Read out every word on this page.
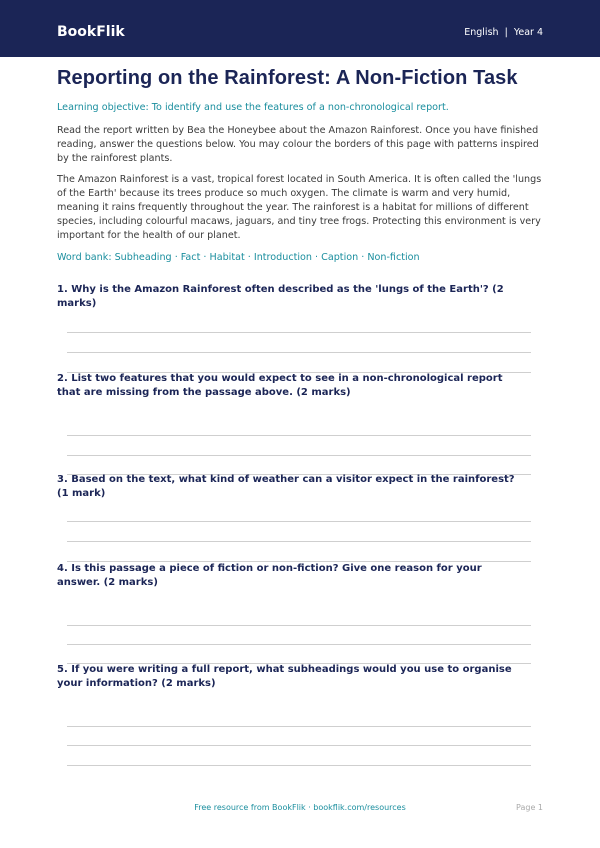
BookFlik	English  |  Year 4
Reporting on the Rainforest: A Non-Fiction Task
Learning objective: To identify and use the features of a non-chronological report.
Read the report written by Bea the Honeybee about the Amazon Rainforest. Once you have finished reading, answer the questions below. You may colour the borders of this page with patterns inspired by the rainforest plants.
The Amazon Rainforest is a vast, tropical forest located in South America. It is often called the 'lungs of the Earth' because its trees produce so much oxygen. The climate is warm and very humid, meaning it rains frequently throughout the year. The rainforest is a habitat for millions of different species, including colourful macaws, jaguars, and tiny tree frogs. Protecting this environment is very important for the health of our planet.
Word bank: Subheading · Fact · Habitat · Introduction · Caption · Non-fiction
1. Why is the Amazon Rainforest often described as the 'lungs of the Earth'? (2 marks)
2. List two features that you would expect to see in a non-chronological report that are missing from the passage above. (2 marks)
3. Based on the text, what kind of weather can a visitor expect in the rainforest? (1 mark)
4. Is this passage a piece of fiction or non-fiction? Give one reason for your answer. (2 marks)
5. If you were writing a full report, what subheadings would you use to organise your information? (2 marks)
Free resource from BookFlik · bookflik.com/resources	Page 1
